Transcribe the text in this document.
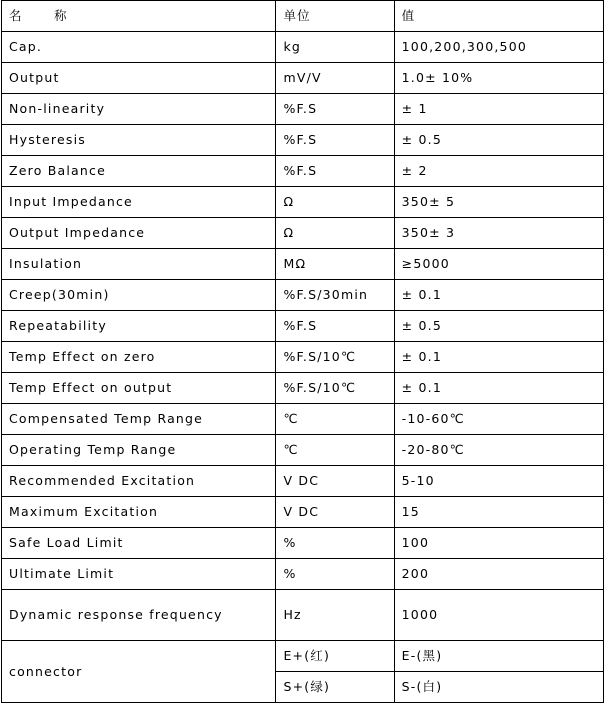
名　称	单位	值
Cap.	kg	100,200,300,500
Output	mV/V	1.0± 10%
Non-linearity	%F.S	± 1
Hysteresis	%F.S	± 0.5
Zero Balance	%F.S	± 2
Input Impedance	Ω	350± 5
Output Impedance	Ω	350± 3
Insulation	MΩ	≥5000
Creep(30min)	%F.S/30min	± 0.1
Repeatability	%F.S	± 0.5
Temp Effect on zero	%F.S/10℃	± 0.1
Temp Effect on output	%F.S/10℃	± 0.1
Compensated Temp Range	℃	-10-60℃
Operating Temp Range	℃	-20-80℃
Recommended Excitation	V DC	5-10
Maximum Excitation	V DC	15
Safe Load Limit	%	100
Ultimate Limit	%	200
Dynamic response frequency	Hz	1000
connector	E+(红)	E-(黑)
	S+(绿)	S-(白)
